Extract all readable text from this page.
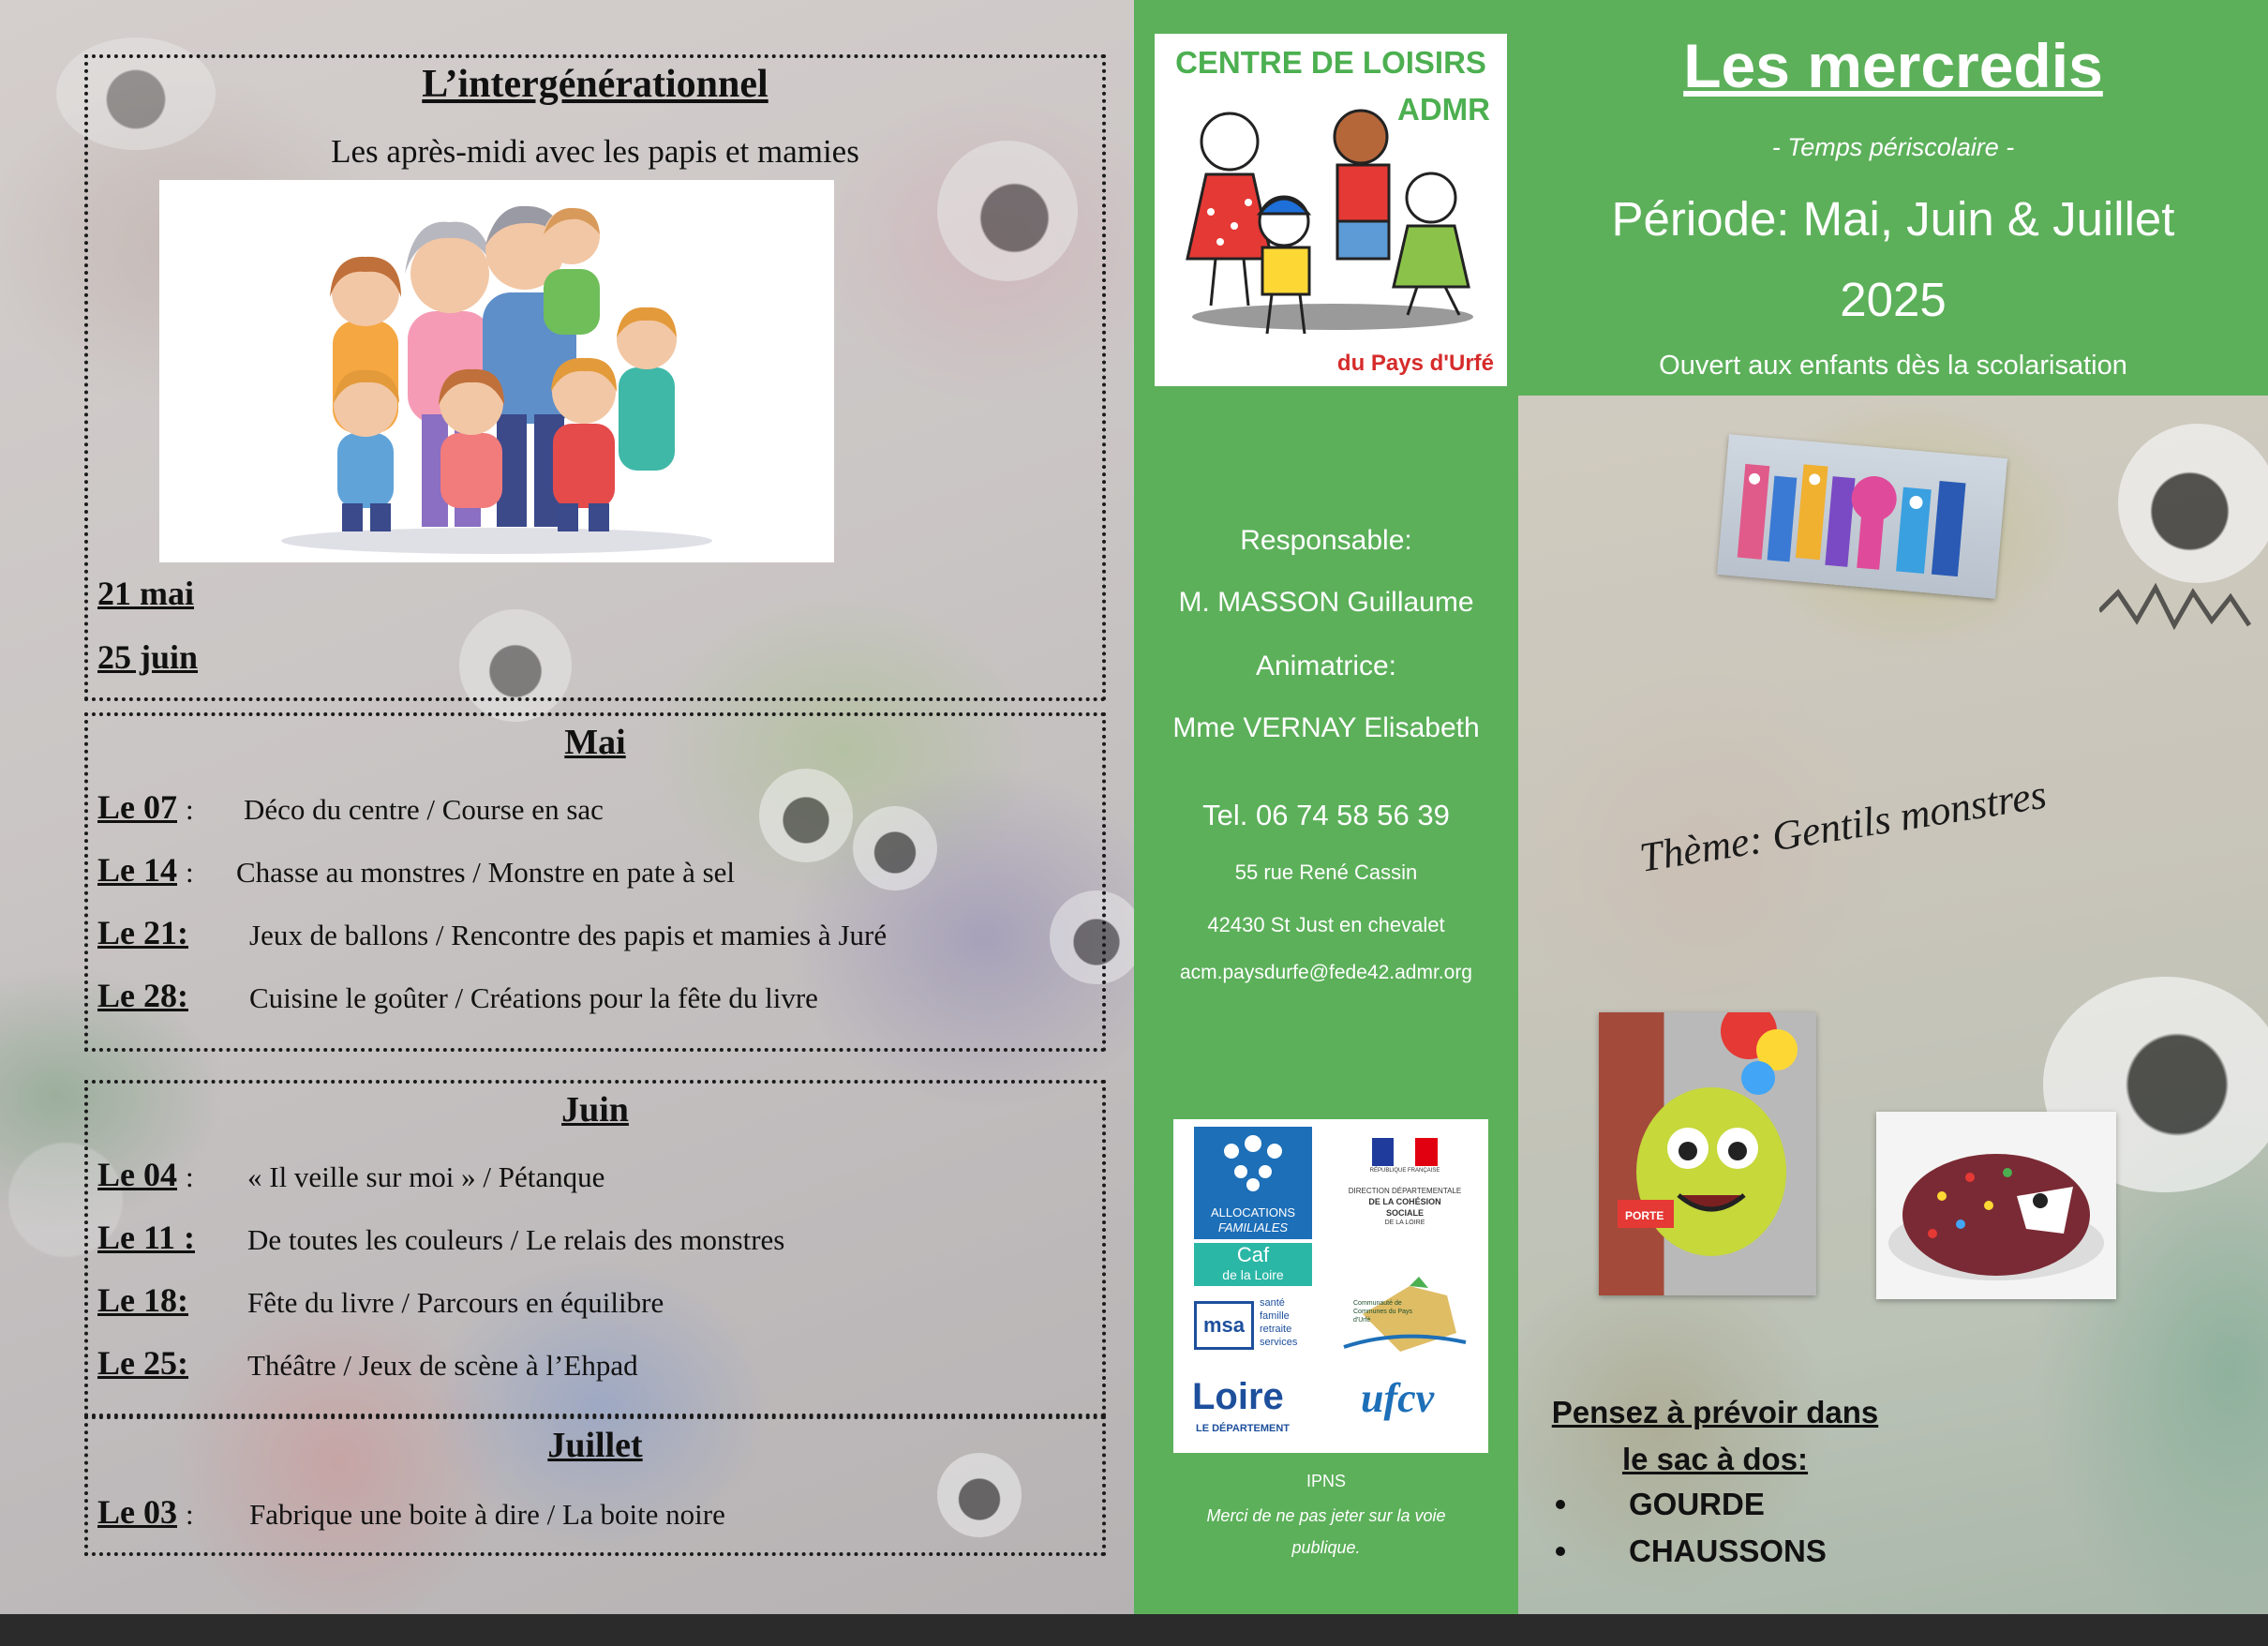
L’intergénérationnel
Les après-midi avec les papis et mamies
21 mai
25 juin
Mai
Le 07 : Déco du centre / Course en sac
Le 14 : Chasse au monstres / Monstre en pate à sel
Le 21: Jeux de ballons / Rencontre des papis et mamies à Juré
Le 28: Cuisine le goûter / Créations pour la fête du livre
Juin
Le 04 : « Il veille sur moi » / Pétanque
Le 11 : De toutes les couleurs / Le relais des monstres
Le 18: Fête du livre / Parcours en équilibre
Le 25: Théâtre / Jeux de scène à l’Ehpad
Juillet
Le 03 : Fabrique une boite à dire / La boite noire
CENTRE DE LOISIRS
ADMR
du Pays d'Urfé
Responsable:
M. MASSON Guillaume
Animatrice:
Mme VERNAY Elisabeth
Tel. 06 74 58 56 39
55 rue René Cassin
42430 St Just en chevalet
acm.paysdurfe@fede42.admr.org
ALLOCATIONS
FAMILIALES
Caf
de la Loire
RÉPUBLIQUE FRANÇAISE
DIRECTION DÉPARTEMENTALE
DE LA COHÉSION
SOCIALE
DE LA LOIRE
msa
santé
famille
retraite
services
Communauté de Communes du Pays d'Urfé
Loire
LE DÉPARTEMENT
ufcv
IPNS
Merci de ne pas jeter sur la voie publique.
Les mercredis
- Temps périscolaire -
Période: Mai, Juin & Juillet
2025
Ouvert aux enfants dès la scolarisation
Thème: Gentils monstres
PORTE
Pensez à prévoir dans
le sac à dos:
GOURDE
CHAUSSONS
